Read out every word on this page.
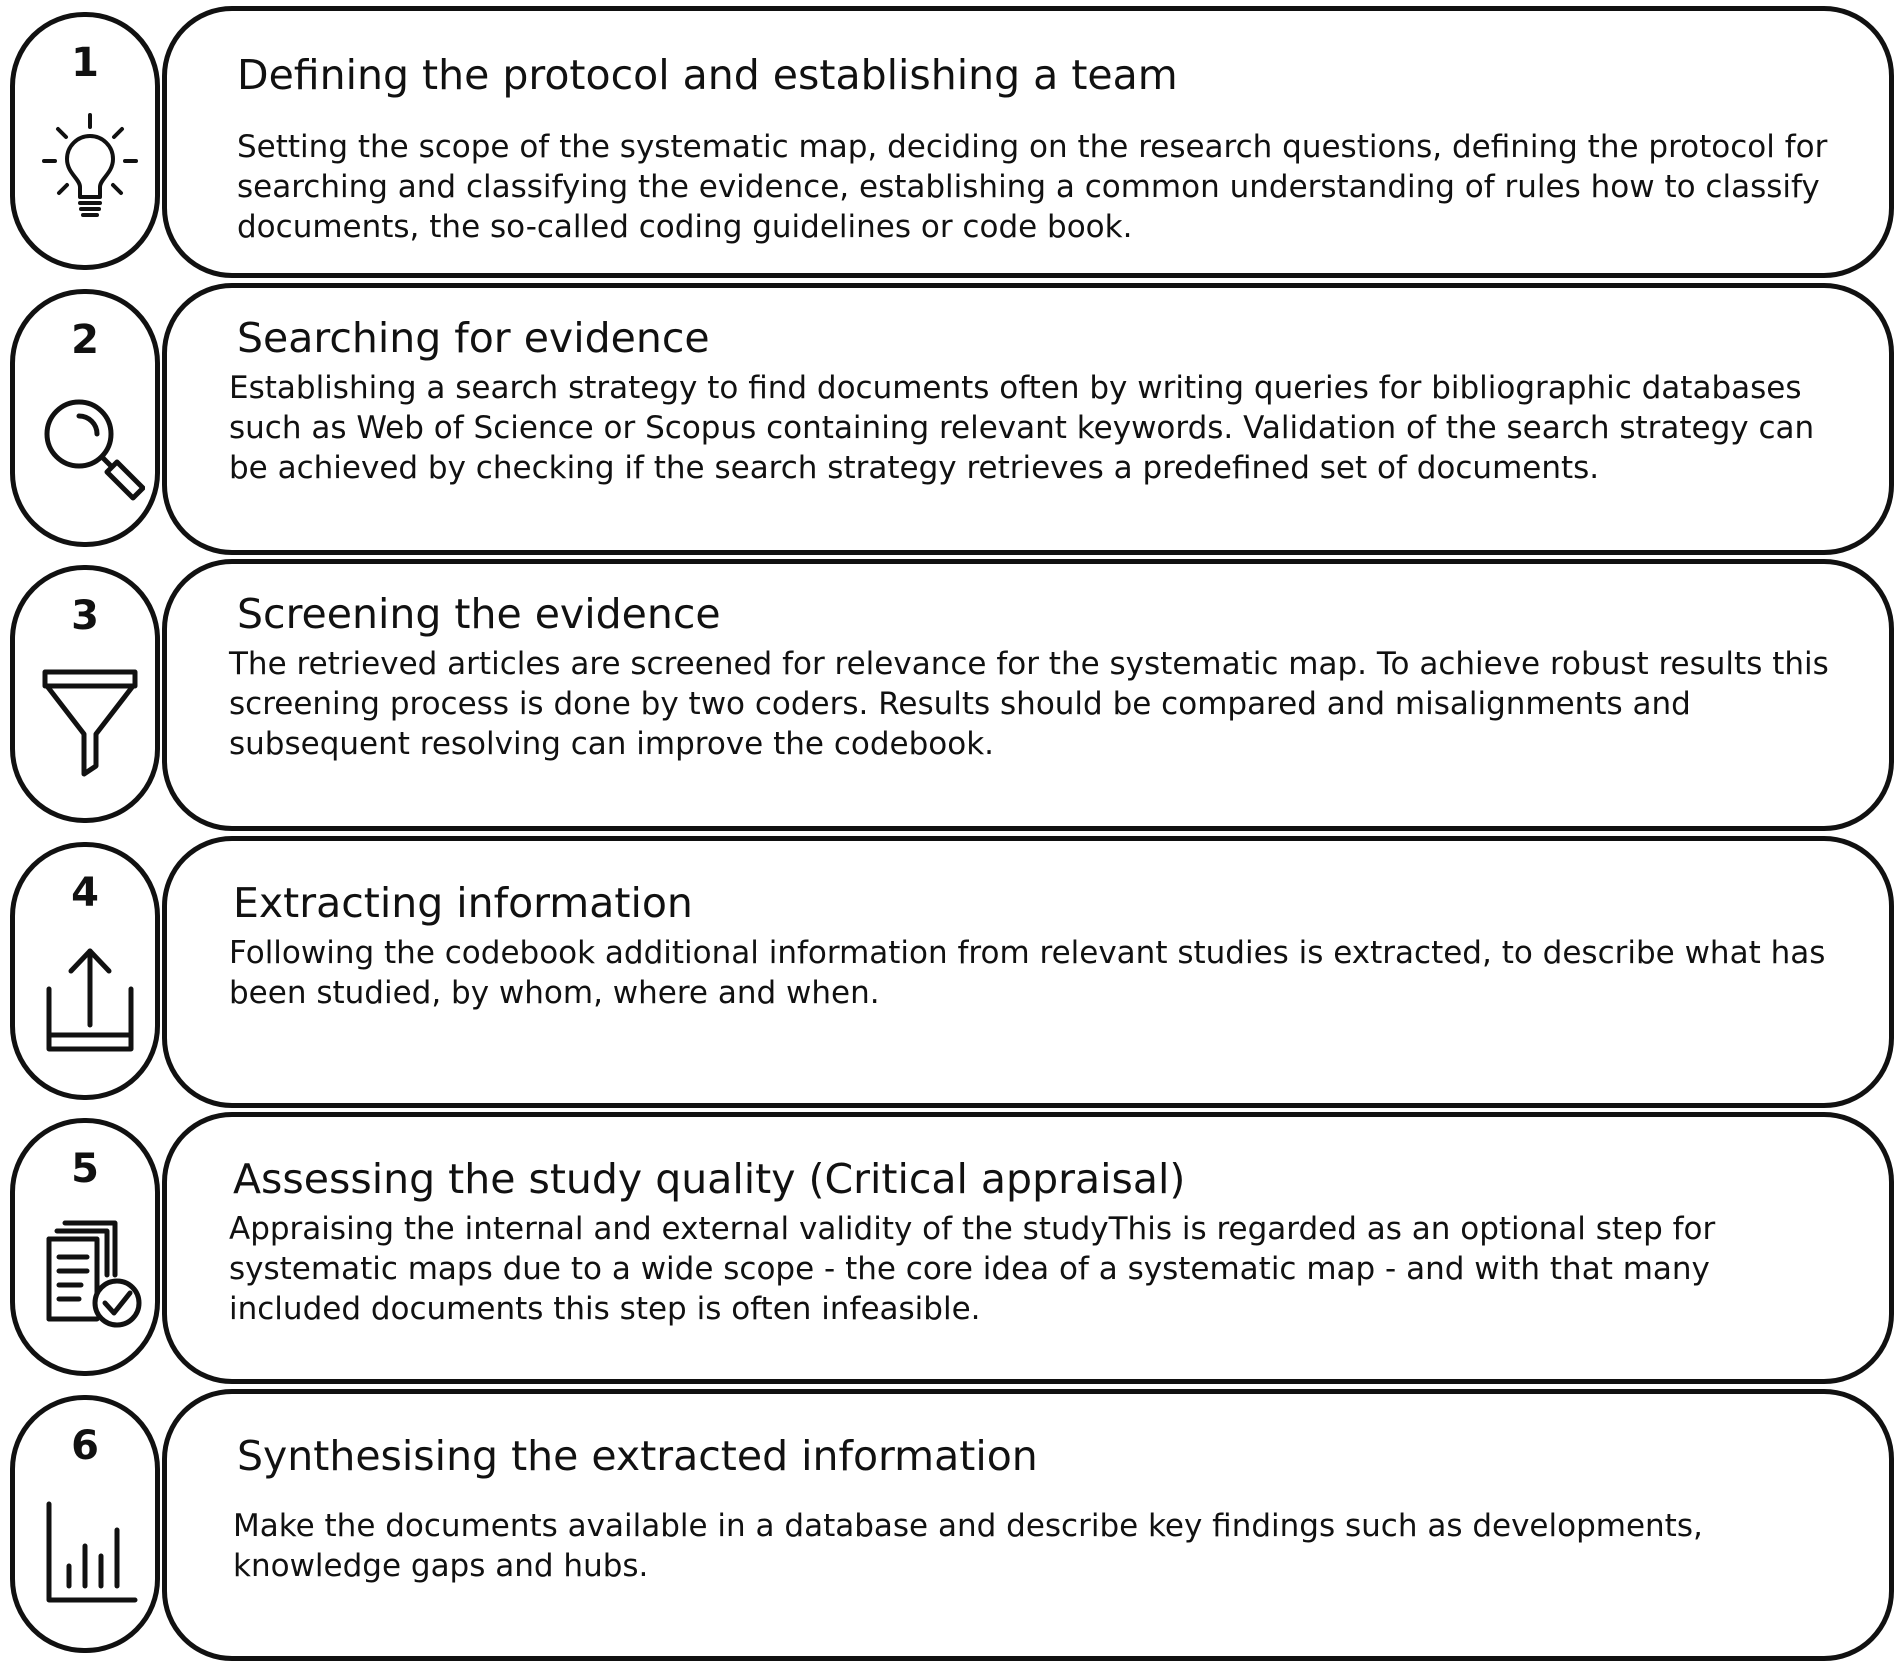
1	Defining the protocol and establishing a team
Setting the scope of the systematic map, deciding on the research questions, defining the protocol for searching and classifying the evidence, establishing a common understanding of rules how to classify documents, the so-called coding guidelines or code book.
2	Searching for evidence
Establishing a search strategy to find documents often by writing queries for bibliographic databases such as Web of Science or Scopus containing relevant keywords. Validation of the search strategy can be achieved by checking if the search strategy retrieves a predefined set of documents.
3	Screening the evidence
The retrieved articles are screened for relevance for the systematic map. To achieve robust results this screening process is done by two coders. Results should be compared and misalignments and subsequent resolving can improve the codebook.
4	Extracting information
Following the codebook additional information from relevant studies is extracted, to describe what has been studied, by whom, where and when.
5	Assessing the study quality (Critical appraisal)
Appraising the internal and external validity of the studyThis is regarded as an optional step for systematic maps due to a wide scope - the core idea of a systematic map - and with that many included documents this step is often infeasible.
6	Synthesising the extracted information
Make the documents available in a database and describe key findings such as developments, knowledge gaps and hubs.
